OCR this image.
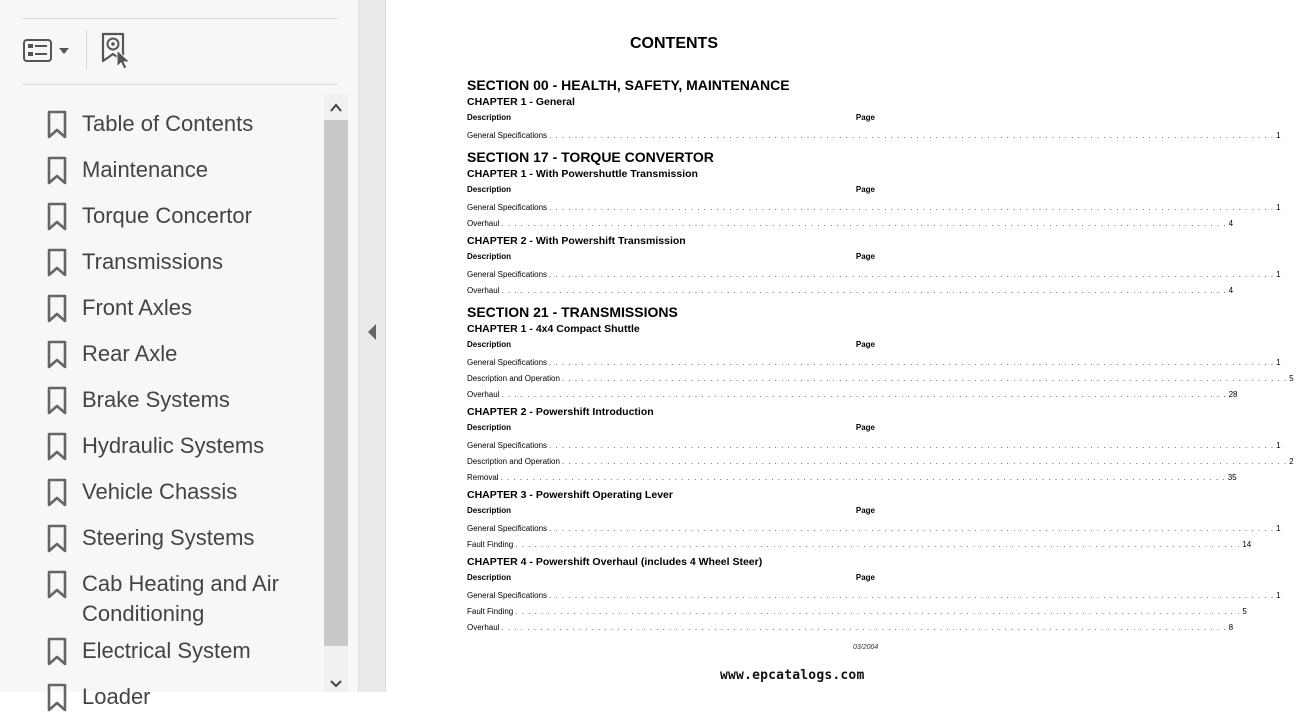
Table of Contents
Maintenance
Torque Concertor
Transmissions
Front Axles
Rear Axle
Brake Systems
Hydraulic Systems
Vehicle Chassis
Steering Systems
Cab Heating and Air Conditioning
Electrical System
Loader
CONTENTS
SECTION 00 - HEALTH, SAFETY, MAINTENANCE
CHAPTER 1 - General
Description	Page
General Specifications . . .	1
SECTION 17 - TORQUE CONVERTOR
CHAPTER 1 - With Powershuttle Transmission
Description	Page
General Specifications . . .	1
Overhaul . . .	4
CHAPTER 2 - With Powershift Transmission
Description	Page
General Specifications . . .	1
Overhaul . . .	4
SECTION 21 - TRANSMISSIONS
CHAPTER 1 - 4x4 Compact Shuttle
Description	Page
General Specifications . . .	1
Description and Operation . . .	5
Overhaul . . .	28
CHAPTER 2 - Powershift Introduction
Description	Page
General Specifications . . .	1
Description and Operation . . .	2
Removal . . .	35
CHAPTER 3 - Powershift Operating Lever
Description	Page
General Specifications . . .	1
Fault Finding . . .	14
CHAPTER 4 - Powershift Overhaul (includes 4 Wheel Steer)
Description	Page
General Specifications . . .	1
Fault Finding . . .	5
Overhaul . . .	8
03/2004
www.epcatalogs.com
